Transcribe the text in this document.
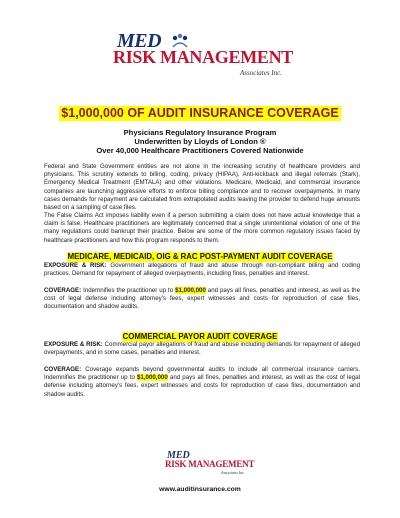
MED
RISK MANAGEMENT
Associates Inc.
$1,000,000 OF AUDIT INSURANCE COVERAGE
Physicians Regulatory Insurance Program
Underwritten by Lloyds of London ®
Over 40,000 Healthcare Practitioners Covered Nationwide

Federal and State Government entities are not alone in the increasing scrutiny of healthcare providers and physicians. This scrutiny extends to billing, coding, privacy (HIPAA), Anti-kickback and illegal referrals (Stark), Emergency Medical Treatment (EMTALA) and other violations. Medicare, Medicaid, and commercial insurance companies are launching aggressive efforts to enforce billing compliance and to recover overpayments. In many cases demands for repayment are calculated from extrapolated audits leaving the provider to defend huge amounts based on a sampling of case files.

The False Claims Act imposes liability even if a person submitting a claim does not have actual knowledge that a claim is false. Healthcare practitioners are legitimately concerned that a single unintentional violation of one of the many regulations could bankrupt their practice. Below are some of the more common regulatory issues faced by healthcare practitioners and how this program responds to them.

MEDICARE, MEDICAID, OIG & RAC POST-PAYMENT AUDIT COVERAGE

EXPOSURE & RISK: Government allegations of fraud and abuse through non-compliant billing and coding practices. Demand for repayment of alleged overpayments, including fines, penalties and interest.

COVERAGE: Indemnifies the practitioner up to $1,000,000 and pays all fines, penalties and interest, as well as the cost of legal defense including attorney's fees, expert witnesses and costs for reproduction of case files, documentation and shadow audits.

COMMERCIAL PAYOR AUDIT COVERAGE

EXPOSURE & RISK: Commercial payor allegations of fraud and abuse including demands for repayment of alleged overpayments, and in some cases, penalties and interest.

COVERAGE: Coverage expands beyond governmental audits to include all commercial insurance carriers. Indemnifies the practitioner up to $1,000,000 and pays all fines, penalties and interest, as well as the cost of legal defense including attorney's fees, expert witnesses and costs for reproduction of case files, documentation and shadow audits.

MED
RISK MANAGEMENT
Associates Inc.
www.auditinsurance.com
